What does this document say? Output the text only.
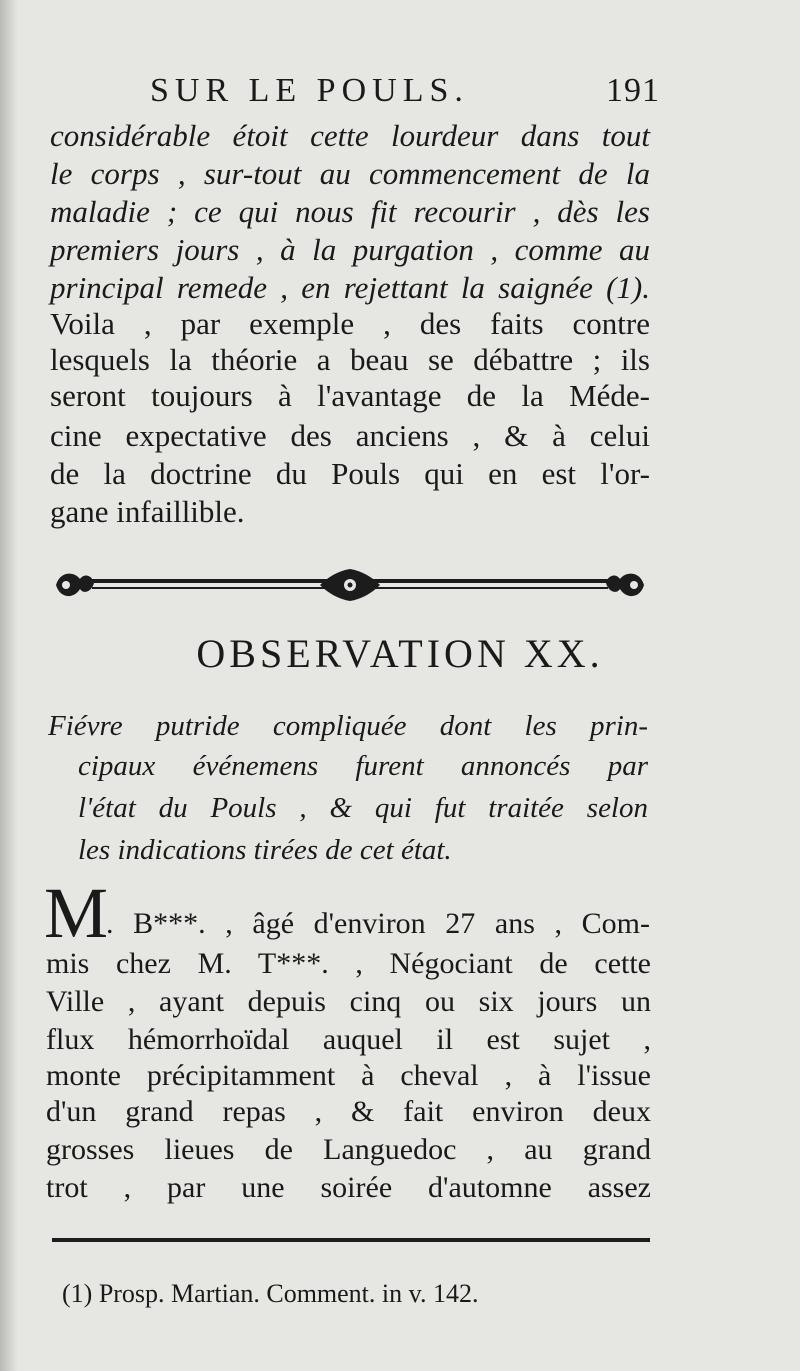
SUR LE POULS.	191
considérable étoit cette lourdeur dans tout
le corps , sur-tout au commencement de la
maladie ; ce qui nous fit recourir , dès les
premiers jours , à la purgation , comme au
principal remede , en rejettant la saignée (1).
Voila , par exemple , des faits contre
lesquels la théorie a beau se débattre ; ils
seront toujours à l'avantage de la Méde-
cine expectative des anciens , & à celui
de la doctrine du Pouls qui en est l'or-
gane infaillible.
OBSERVATION XX.
Fiévre putride compliquée dont les prin-
cipaux événemens furent annoncés par
l'état du Pouls , & qui fut traitée selon
les indications tirées de cet état.
M
. B***. , âgé d'environ 27 ans , Com-
mis chez M. T***. , Négociant de cette
Ville , ayant depuis cinq ou six jours un
flux hémorrhoïdal auquel il est sujet ,
monte précipitamment à cheval , à l'issue
d'un grand repas , & fait environ deux
grosses lieues de Languedoc , au grand
trot , par une soirée d'automne assez
(1) Prosp. Martian. Comment. in v. 142.
